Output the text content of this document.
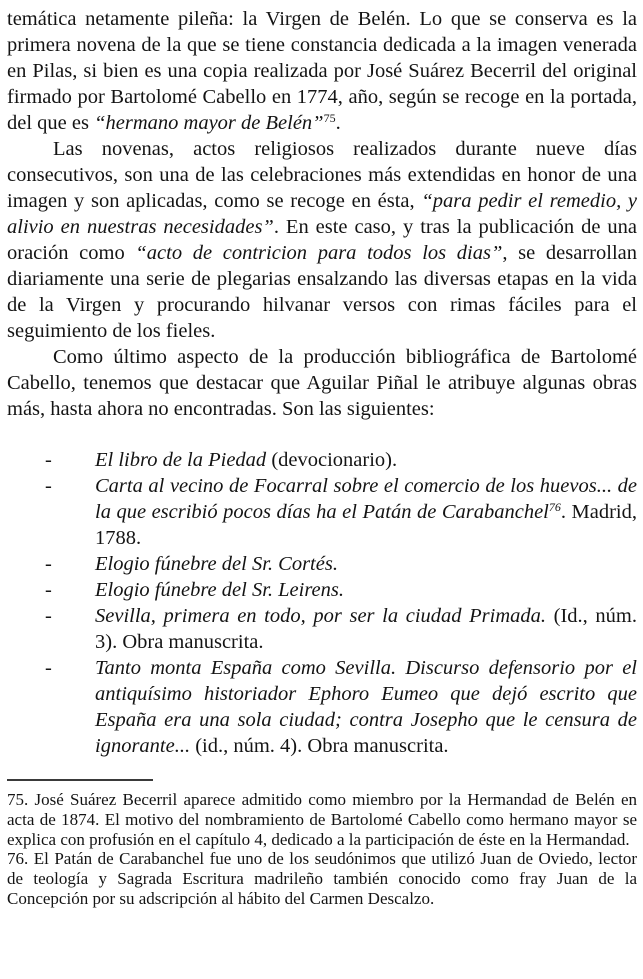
temática netamente pileña: la Virgen de Belén. Lo que se conserva es la primera novena de la que se tiene constancia dedicada a la imagen venerada en Pilas, si bien es una copia realizada por José Suárez Becerril del original firmado por Bartolomé Cabello en 1774, año, según se recoge en la portada, del que es “hermano mayor de Belén”$^{75}$.

Las novenas, actos religiosos realizados durante nueve días consecutivos, son una de las celebraciones más extendidas en honor de una imagen y son aplicadas, como se recoge en ésta, “para pedir el remedio, y alivio en nuestras necesidades”. En este caso, y tras la publicación de una oración como “acto de contricion para todos los dias”, se desarrollan diariamente una serie de plegarias ensalzando las diversas etapas en la vida de la Virgen y procurando hilvanar versos con rimas fáciles para el seguimiento de los fieles.

Como último aspecto de la producción bibliográfica de Bartolomé Cabello, tenemos que destacar que Aguilar Piñal le atribuye algunas obras más, hasta ahora no encontradas. Son las siguientes:

- El libro de la Piedad (devocionario).
- Carta al vecino de Focarral sobre el comercio de los huevos... de la que escribió pocos días ha el Patán de Carabanchel$^{76}$. Madrid, 1788.
- Elogio fúnebre del Sr. Cortés.
- Elogio fúnebre del Sr. Leirens.
- Sevilla, primera en todo, por ser la ciudad Primada. (Id., núm. 3). Obra manuscrita.
- Tanto monta España como Sevilla. Discurso defensorio por el antiquísimo historiador Ephoro Eumeo que dejó escrito que España era una sola ciudad; contra Josepho que le censura de ignorante... (id., núm. 4). Obra manuscrita.

75. José Suárez Becerril aparece admitido como miembro por la Hermandad de Belén en acta de 1874. El motivo del nombramiento de Bartolomé Cabello como hermano mayor se explica con profusión en el capítulo 4, dedicado a la participación de éste en la Hermandad.

76. El Patán de Carabanchel fue uno de los seudónimos que utilizó Juan de Oviedo, lector de teología y Sagrada Escritura madrileño también conocido como fray Juan de la Concepción por su adscripción al hábito del Carmen Descalzo.
